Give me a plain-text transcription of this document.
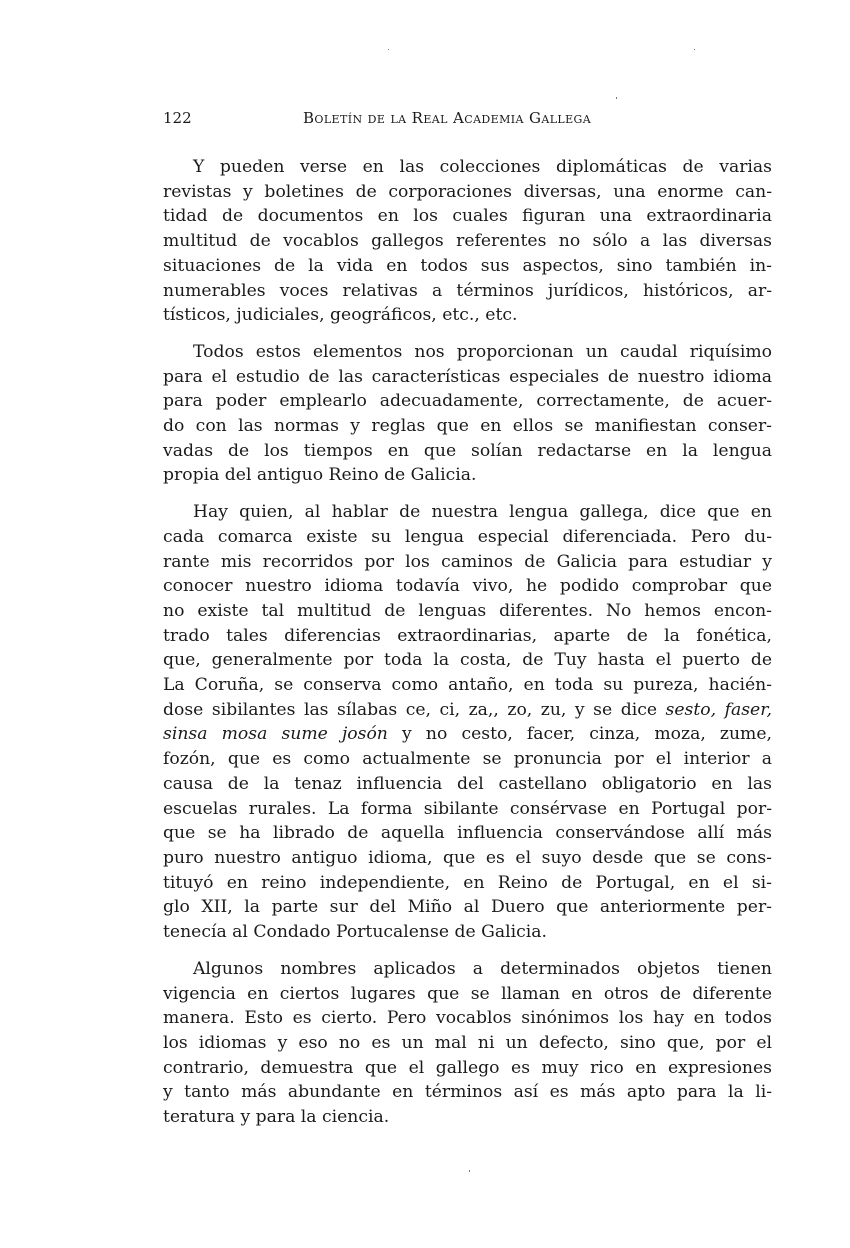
122	Boletín de la Real Academia Gallega
Y pueden verse en las colecciones diplomáticas de varias
revistas y boletines de corporaciones diversas, una enorme can-
tidad de documentos en los cuales figuran una extraordinaria
multitud de vocablos gallegos referentes no sólo a las diversas
situaciones de la vida en todos sus aspectos, sino también in-
numerables voces relativas a términos jurídicos, históricos, ar-
tísticos, judiciales, geográficos, etc., etc.
Todos estos elementos nos proporcionan un caudal riquísimo
para el estudio de las características especiales de nuestro idioma
para poder emplearlo adecuadamente, correctamente, de acuer-
do con las normas y reglas que en ellos se manifiestan conser-
vadas de los tiempos en que solían redactarse en la lengua
propia del antiguo Reino de Galicia.
Hay quien, al hablar de nuestra lengua gallega, dice que en
cada comarca existe su lengua especial diferenciada. Pero du-
rante mis recorridos por los caminos de Galicia para estudiar y
conocer nuestro idioma todavía vivo, he podido comprobar que
no existe tal multitud de lenguas diferentes. No hemos encon-
trado tales diferencias extraordinarias, aparte de la fonética,
que, generalmente por toda la costa, de Tuy hasta el puerto de
La Coruña, se conserva como antaño, en toda su pureza, hacién-
dose sibilantes las sílabas ce, ci, za,, zo, zu, y se dice sesto, faser,
sinsa mosa sume josón y no cesto, facer, cinza, moza, zume,
fozón, que es como actualmente se pronuncia por el interior a
causa de la tenaz influencia del castellano obligatorio en las
escuelas rurales. La forma sibilante consérvase en Portugal por-
que se ha librado de aquella influencia conservándose allí más
puro nuestro antiguo idioma, que es el suyo desde que se cons-
tituyó en reino independiente, en Reino de Portugal, en el si-
glo XII, la parte sur del Miño al Duero que anteriormente per-
tenecía al Condado Portucalense de Galicia.
Algunos nombres aplicados a determinados objetos tienen
vigencia en ciertos lugares que se llaman en otros de diferente
manera. Esto es cierto. Pero vocablos sinónimos los hay en todos
los idiomas y eso no es un mal ni un defecto, sino que, por el
contrario, demuestra que el gallego es muy rico en expresiones
y tanto más abundante en términos así es más apto para la li-
teratura y para la ciencia.
